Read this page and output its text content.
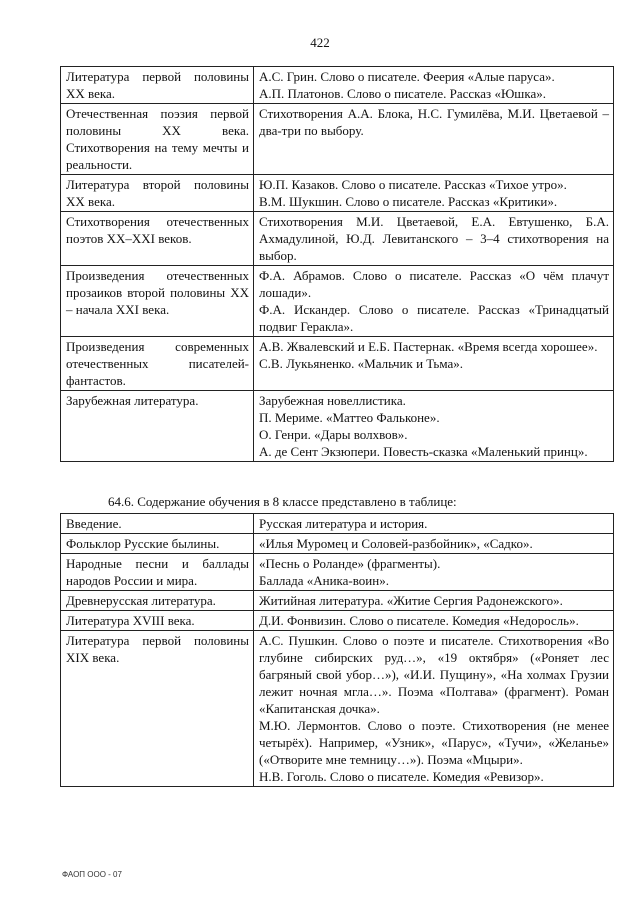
422
Литература первой половины XX века.	А.С. Грин. Слово о писателе. Феерия «Алые паруса».
А.П. Платонов. Слово о писателе. Рассказ «Юшка».

Отечественная поэзия первой половины XX века. Стихотворения на тему мечты и реальности.	Стихотворения А.А. Блока, Н.С. Гумилёва, М.И. Цветаевой – два-три по выбору.

Литература второй половины XX века.	Ю.П. Казаков. Слово о писателе. Рассказ «Тихое утро».
В.М. Шукшин. Слово о писателе. Рассказ «Критики».

Стихотворения отечественных поэтов XX–XXI веков.	Стихотворения М.И. Цветаевой, Е.А. Евтушенко, Б.А. Ахмадулиной, Ю.Д. Левитанского – 3–4 стихотворения на выбор.

Произведения отечественных прозаиков второй половины XX – начала XXI века.	Ф.А. Абрамов. Слово о писателе. Рассказ «О чём плачут лошади».
Ф.А. Искандер. Слово о писателе. Рассказ «Тринадцатый подвиг Геракла».

Произведения современных отечественных писателей-фантастов.	А.В. Жвалевский и Е.Б. Пастернак. «Время всегда хорошее».
С.В. Лукьяненко. «Мальчик и Тьма».

Зарубежная литература.	Зарубежная новеллистика.
П. Мериме. «Маттео Фальконе».
О. Генри. «Дары волхвов».
А. де Сент Экзюпери. Повесть-сказка «Маленький принц».
64.6. Содержание обучения в 8 классе представлено в таблице:
Введение.	Русская литература и история.

Фольклор Русские былины.	«Илья Муромец и Соловей-разбойник», «Садко».

Народные песни и баллады народов России и мира.	«Песнь о Роланде» (фрагменты).
Баллада «Аника-воин».

Древнерусская литература.	Житийная литература. «Житие Сергия Радонежского».

Литература XVIII века.	Д.И. Фонвизин. Слово о писателе. Комедия «Недоросль».

Литература первой половины XIX века.	А.С. Пушкин. Слово о поэте и писателе. Стихотворения «Во глубине сибирских руд…», «19 октября» («Роняет лес багряный свой убор…»), «И.И. Пущину», «На холмах Грузии лежит ночная мгла…». Поэма «Полтава» (фрагмент). Роман «Капитанская дочка».
М.Ю. Лермонтов. Слово о поэте. Стихотворения (не менее четырёх). Например, «Узник», «Парус», «Тучи», «Желанье» («Отворите мне темницу…»). Поэма «Мцыри».
Н.В. Гоголь. Слово о писателе. Комедия «Ревизор».
ФАОП ООО - 07
